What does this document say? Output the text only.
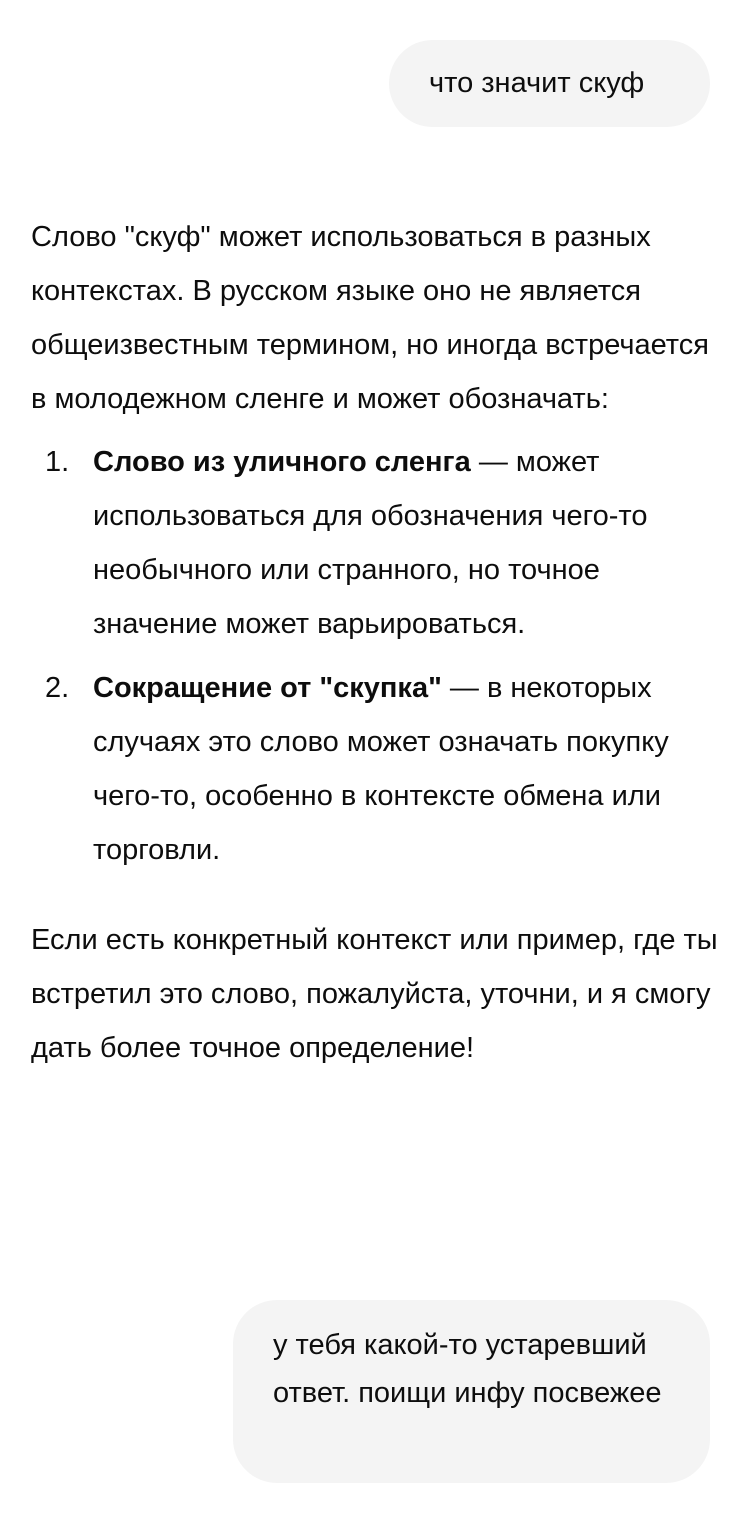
что значит скуф

Слово "скуф" может использоваться в разных контекстах. В русском языке оно не является общеизвестным термином, но иногда встречается в молодежном сленге и может обозначать:

1. Слово из уличного сленга — может использоваться для обозначения чего-то необычного или странного, но точное значение может варьироваться.
2. Сокращение от "скупка" — в некоторых случаях это слово может означать покупку чего-то, особенно в контексте обмена или торговли.

Если есть конкретный контекст или пример, где ты встретил это слово, пожалуйста, уточни, и я смогу дать более точное определение!

у тебя какой-то устаревший ответ. поищи инфу посвежее
